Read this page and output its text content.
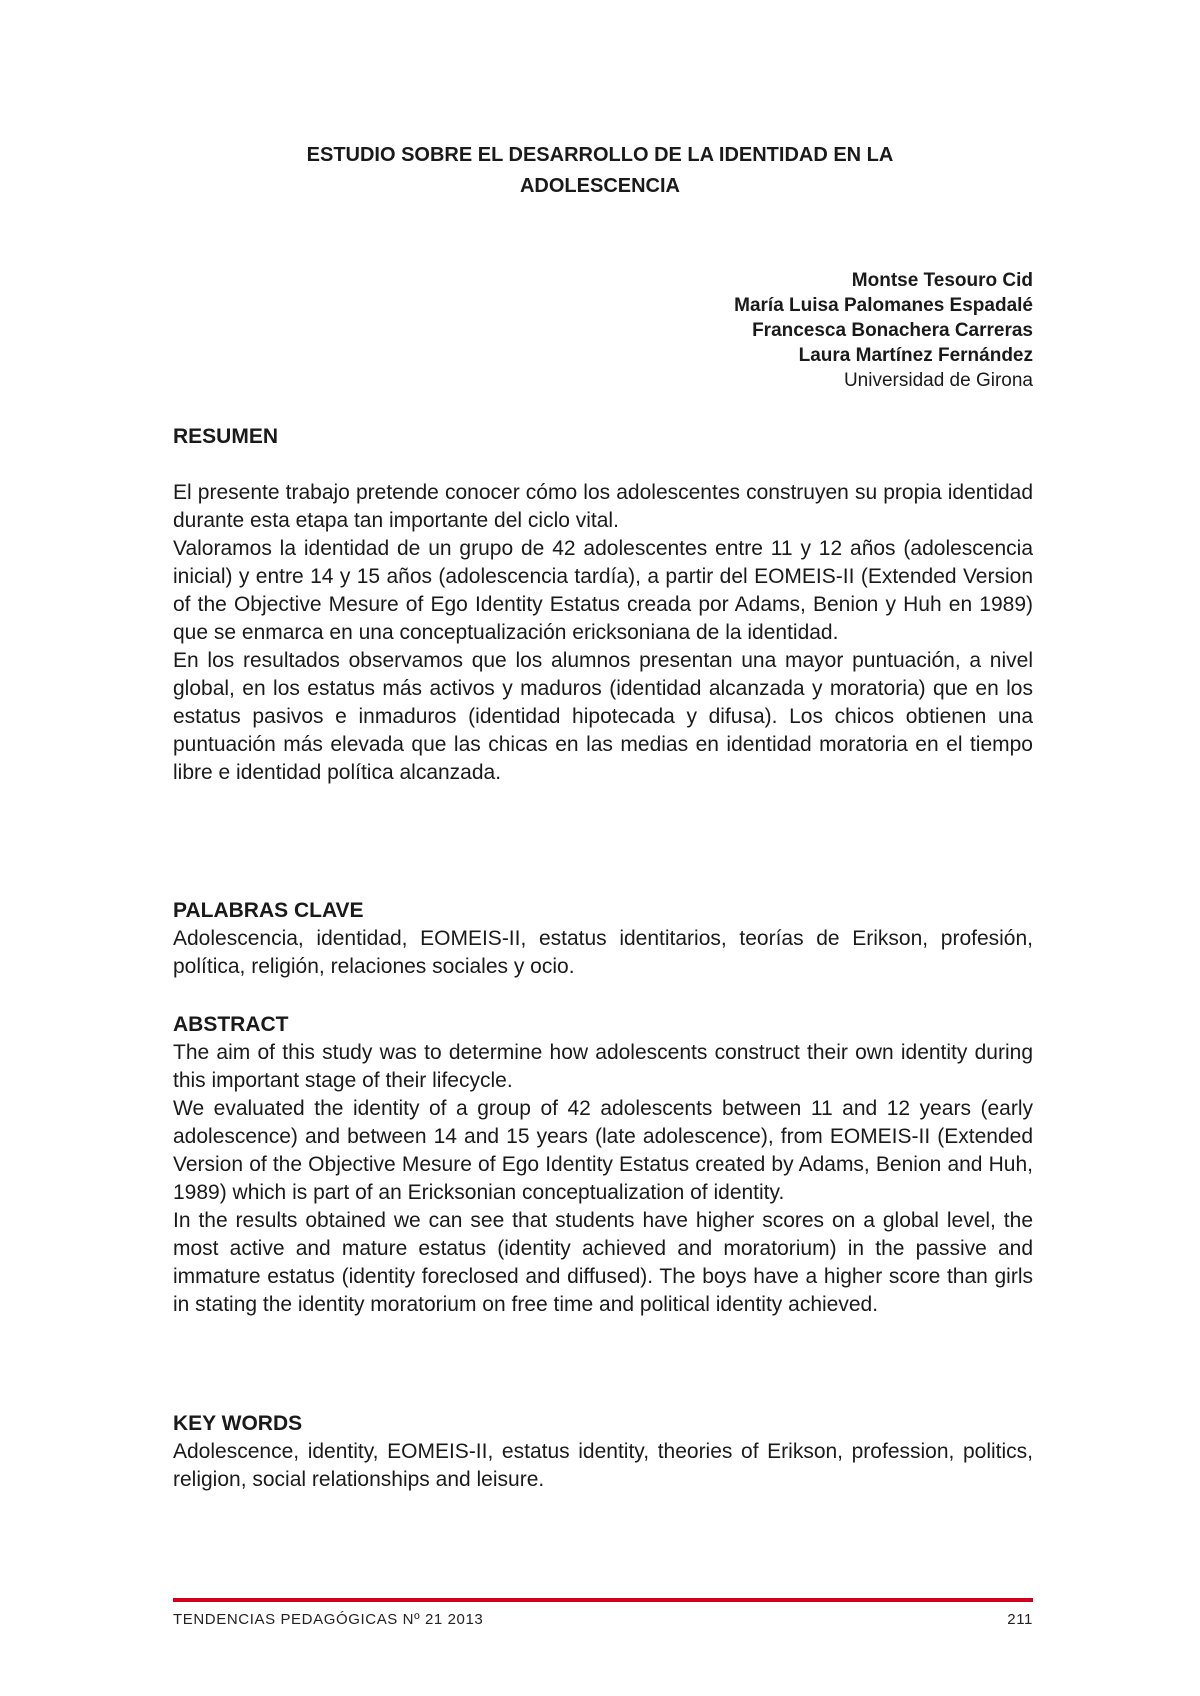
ESTUDIO SOBRE EL DESARROLLO DE LA IDENTIDAD EN LA
ADOLESCENCIA
Montse Tesouro Cid
María Luisa Palomanes Espadalé
Francesca Bonachera Carreras
Laura Martínez Fernández
Universidad de Girona
RESUMEN

El presente trabajo pretende conocer cómo los adolescentes construyen su propia identidad durante esta etapa tan importante del ciclo vital.

Valoramos la identidad de un grupo de 42 adolescentes entre 11 y 12 años (adolescencia inicial) y entre 14 y 15 años (adolescencia tardía), a partir del EOMEIS-II (Extended Version of the Objective Mesure of Ego Identity Estatus creada por Adams, Benion y Huh en 1989) que se enmarca en una conceptualización ericksoniana de la identidad.

En los resultados observamos que los alumnos presentan una mayor puntuación, a nivel global, en los estatus más activos y maduros (identidad alcanzada y moratoria) que en los estatus pasivos e inmaduros (identidad hipotecada y difusa). Los chicos obtienen una puntuación más elevada que las chicas en las medias en identidad moratoria en el tiempo libre e identidad política alcanzada.

PALABRAS CLAVE

Adolescencia, identidad, EOMEIS-II, estatus identitarios, teorías de Erikson, profesión, política, religión, relaciones sociales y ocio.

ABSTRACT

The aim of this study was to determine how adolescents construct their own identity during this important stage of their lifecycle.

We evaluated the identity of a group of 42 adolescents between 11 and 12 years (early adolescence) and between 14 and 15 years (late adolescence), from EOMEIS-II (Extended Version of the Objective Mesure of Ego Identity Estatus created by Adams, Benion and Huh, 1989) which is part of an Ericksonian conceptualization of identity.

In the results obtained we can see that students have higher scores on a global level, the most active and mature estatus (identity achieved and moratorium) in the passive and immature estatus (identity foreclosed and diffused). The boys have a higher score than girls in stating the identity moratorium on free time and political identity achieved.

KEY WORDS

Adolescence, identity, EOMEIS-II, estatus identity, theories of Erikson, profession, politics, religion, social relationships and leisure.

TENDENCIAS PEDAGÓGICAS Nº 21 2013	211
